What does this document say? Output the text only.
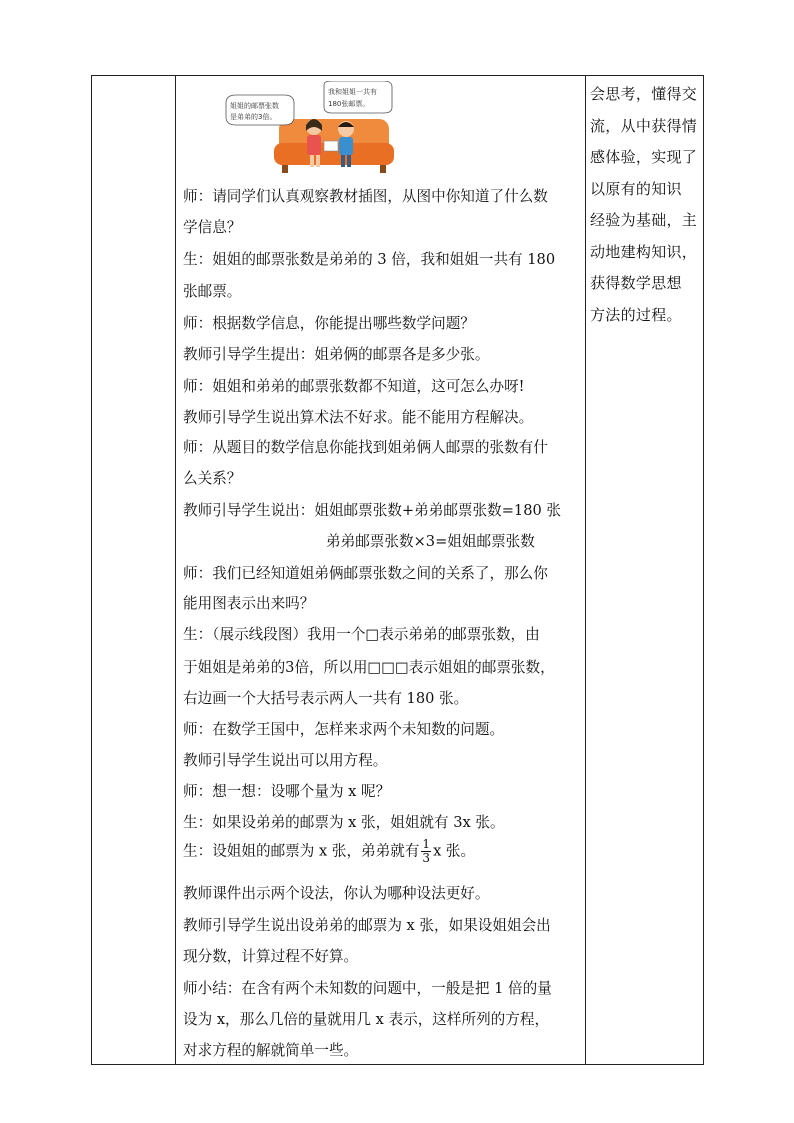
姐姐的邮票张数
是弟弟的3倍。
我和姐姐一共有
180张邮票。
师：请同学们认真观察教材插图，从图中你知道了什么数
学信息？
生：姐姐的邮票张数是弟弟的 3 倍，我和姐姐一共有 180
张邮票。
师：根据数学信息，你能提出哪些数学问题？
教师引导学生提出：姐弟俩的邮票各是多少张。
师：姐姐和弟弟的邮票张数都不知道，这可怎么办呀!
教师引导学生说出算术法不好求。能不能用方程解决。
师：从题目的数学信息你能找到姐弟俩人邮票的张数有什
么关系？
教师引导学生说出：姐姐邮票张数+弟弟邮票张数=180 张
弟弟邮票张数×3=姐姐邮票张数
师：我们已经知道姐弟俩邮票张数之间的关系了，那么你
能用图表示出来吗？
生：（展示线段图）我用一个□表示弟弟的邮票张数，由
于姐姐是弟弟的3倍，所以用□□□表示姐姐的邮票张数，
右边画一个大括号表示两人一共有 180 张。
师：在数学王国中，怎样来求两个未知数的问题。
教师引导学生说出可以用方程。
师：想一想：设哪个量为 x 呢？
生：如果设弟弟的邮票为 x 张，姐姐就有 3x 张。
生：设姐姐的邮票为 x 张，弟弟就有 $\frac{1}{3}$ x 张。
教师课件出示两个设法，你认为哪种设法更好。
教师引导学生说出设弟弟的邮票为 x 张，如果设姐姐会出
现分数，计算过程不好算。
师小结：在含有两个未知数的问题中，一般是把 1 倍的量
设为 x，那么几倍的量就用几 x 表示，这样所列的方程，
对求方程的解就简单一些。
会思考，懂得交
流，从中获得情
感体验，实现了
以原有的知识
经验为基础，主
动地建构知识，
获得数学思想
方法的过程。
